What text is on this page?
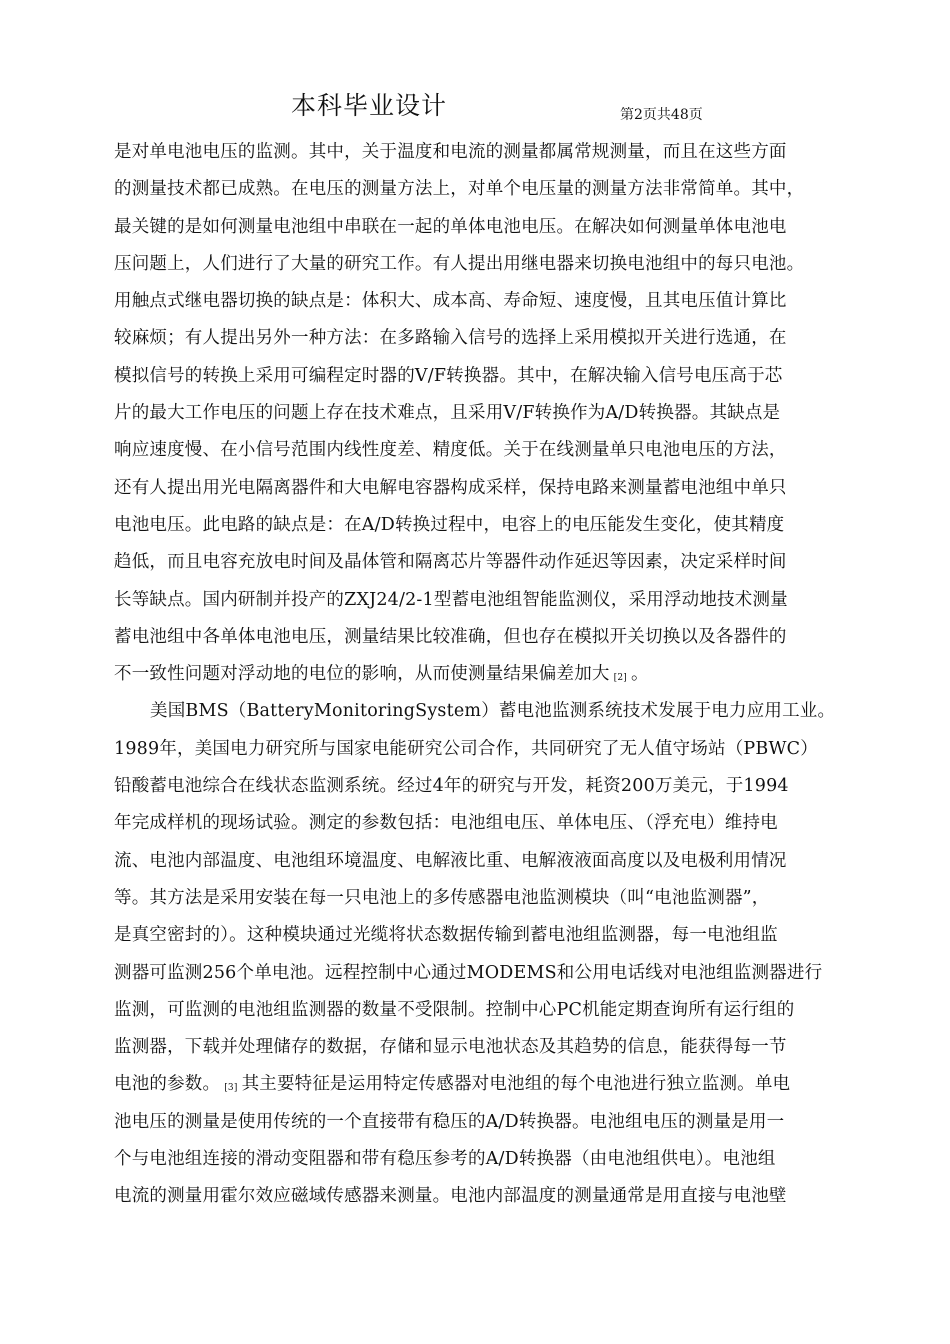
本科毕业设计	第2页共48页
是对单电池电压的监测。其中，关于温度和电流的测量都属常规测量，而且在这些方面
的测量技术都已成熟。在电压的测量方法上，对单个电压量的测量方法非常简单。其中，
最关键的是如何测量电池组中串联在一起的单体电池电压。在解决如何测量单体电池电
压问题上，人们进行了大量的研究工作。有人提出用继电器来切换电池组中的每只电池。
用触点式继电器切换的缺点是：体积大、成本高、寿命短、速度慢，且其电压值计算比
较麻烦；有人提出另外一种方法：在多路输入信号的选择上采用模拟开关进行选通，在
模拟信号的转换上采用可编程定时器的V/F转换器。其中，在解决输入信号电压高于芯
片的最大工作电压的问题上存在技术难点，且采用V/F转换作为A/D转换器。其缺点是
响应速度慢、在小信号范围内线性度差、精度低。关于在线测量单只电池电压的方法，
还有人提出用光电隔离器件和大电解电容器构成采样，保持电路来测量蓄电池组中单只
电池电压。此电路的缺点是：在A/D转换过程中，电容上的电压能发生变化，使其精度
趋低，而且电容充放电时间及晶体管和隔离芯片等器件动作延迟等因素，决定采样时间
长等缺点。国内研制并投产的ZXJ24/2-1型蓄电池组智能监测仪，采用浮动地技术测量
蓄电池组中各单体电池电压，测量结果比较准确，但也存在模拟开关切换以及各器件的
不一致性问题对浮动地的电位的影响，从而使测量结果偏差加大 [2] 。
美国BMS（BatteryMonitoringSystem）蓄电池监测系统技术发展于电力应用工业。
1989年，美国电力研究所与国家电能研究公司合作，共同研究了无人值守场站（PBWC）
铅酸蓄电池综合在线状态监测系统。经过4年的研究与开发，耗资200万美元，于1994
年完成样机的现场试验。测定的参数包括：电池组电压、单体电压、（浮充电）维持电
流、电池内部温度、电池组环境温度、电解液比重、电解液液面高度以及电极利用情况
等。其方法是采用安装在每一只电池上的多传感器电池监测模块（叫“电池监测器”，
是真空密封的）。这种模块通过光缆将状态数据传输到蓄电池组监测器，每一电池组监
测器可监测256个单电池。远程控制中心通过MODEMS和公用电话线对电池组监测器进行
监测，可监测的电池组监测器的数量不受限制。控制中心PC机能定期查询所有运行组的
监测器，下载并处理储存的数据，存储和显示电池状态及其趋势的信息，能获得每一节
电池的参数。 [3] 其主要特征是运用特定传感器对电池组的每个电池进行独立监测。单电
池电压的测量是使用传统的一个直接带有稳压的A/D转换器。电池组电压的测量是用一
个与电池组连接的滑动变阻器和带有稳压参考的A/D转换器（由电池组供电）。电池组
电流的测量用霍尔效应磁域传感器来测量。电池内部温度的测量通常是用直接与电池壁
